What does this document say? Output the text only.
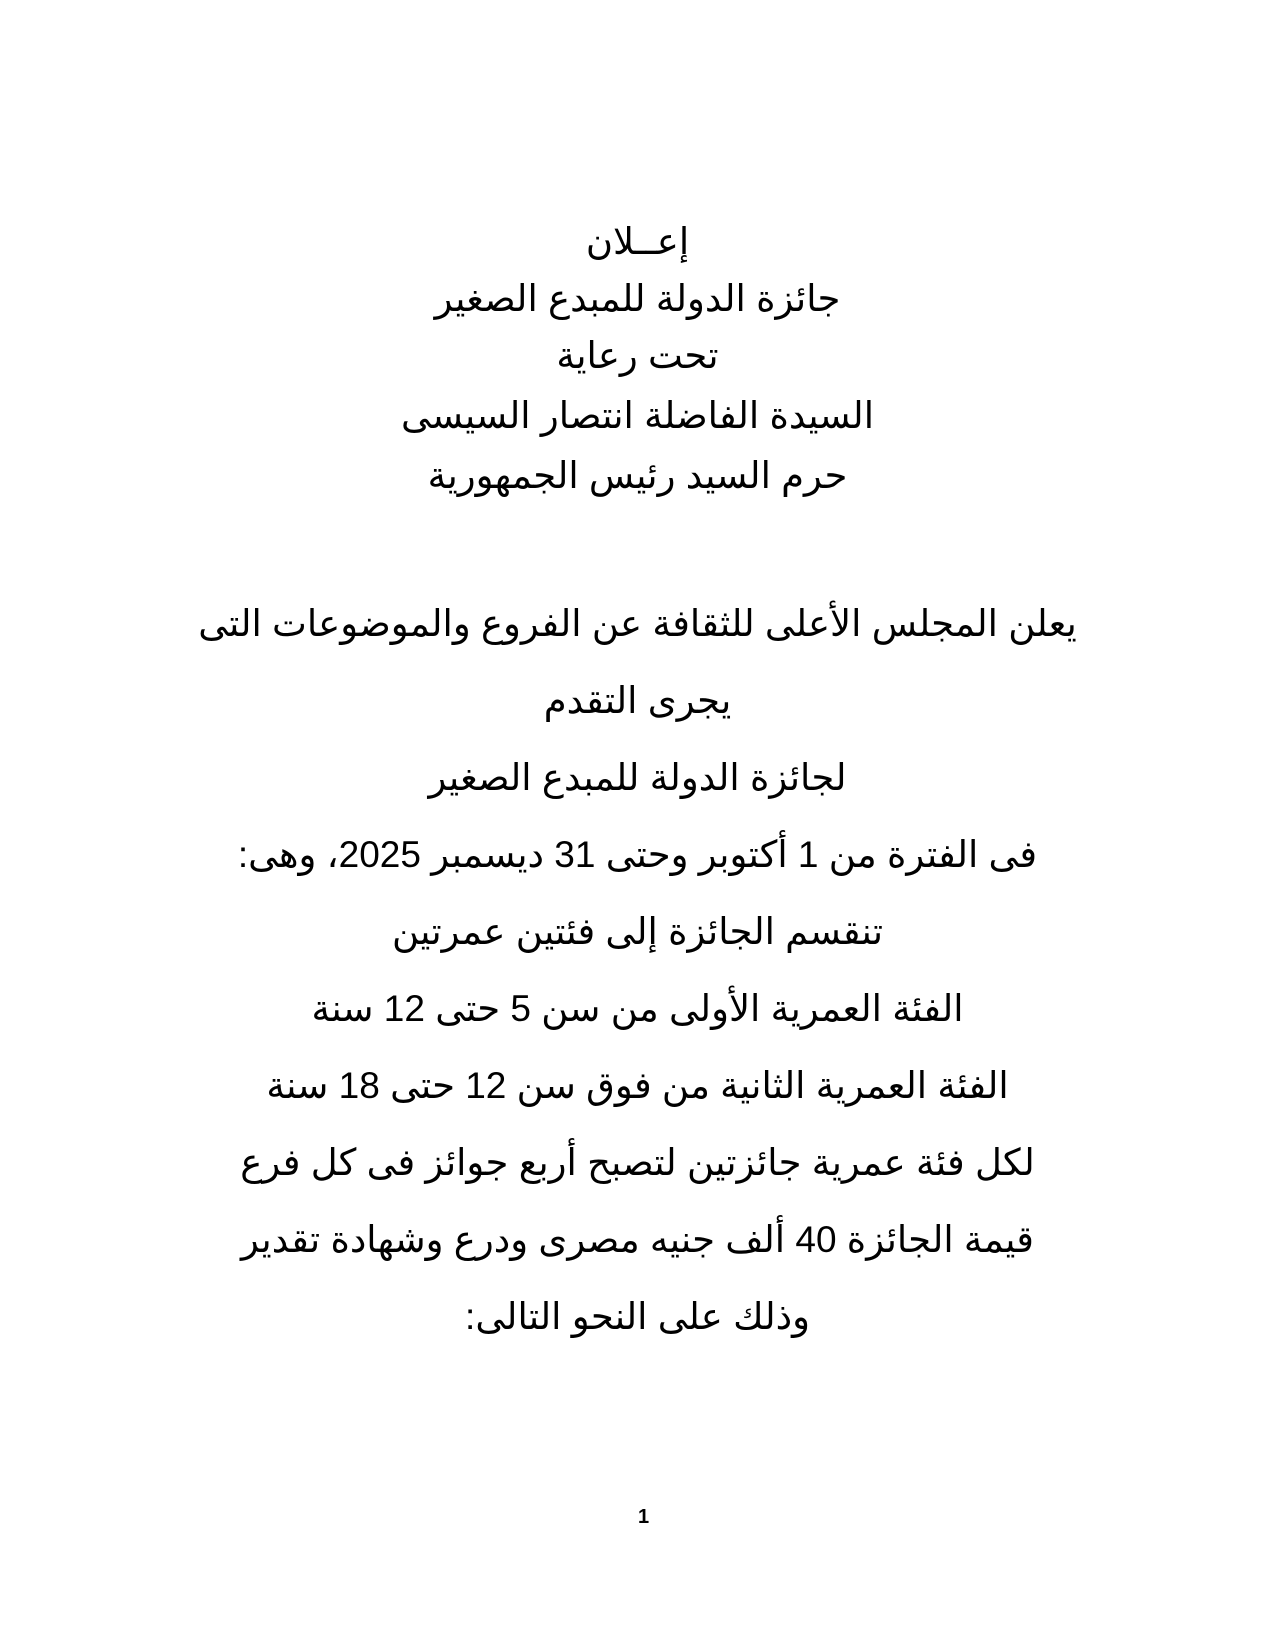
إعــلان
جائزة الدولة للمبدع الصغير
تحت رعاية
السيدة الفاضلة انتصار السيسى
حرم السيد رئيس الجمهورية
يعلن المجلس الأعلى للثقافة عن الفروع والموضوعات التى
يجرى التقدم
لجائزة الدولة للمبدع الصغير
فى الفترة من 1 أكتوبر وحتى 31 ديسمبر 2025، وهى:
تنقسم الجائزة إلى فئتين عمرتين
الفئة العمرية الأولى من سن 5 حتى 12 سنة
الفئة العمرية الثانية من فوق سن 12 حتى 18 سنة
لكل فئة عمرية جائزتين لتصبح أربع جوائز فى كل فرع
قيمة الجائزة 40 ألف جنيه مصرى ودرع وشهادة تقدير
وذلك على النحو التالى:
1
